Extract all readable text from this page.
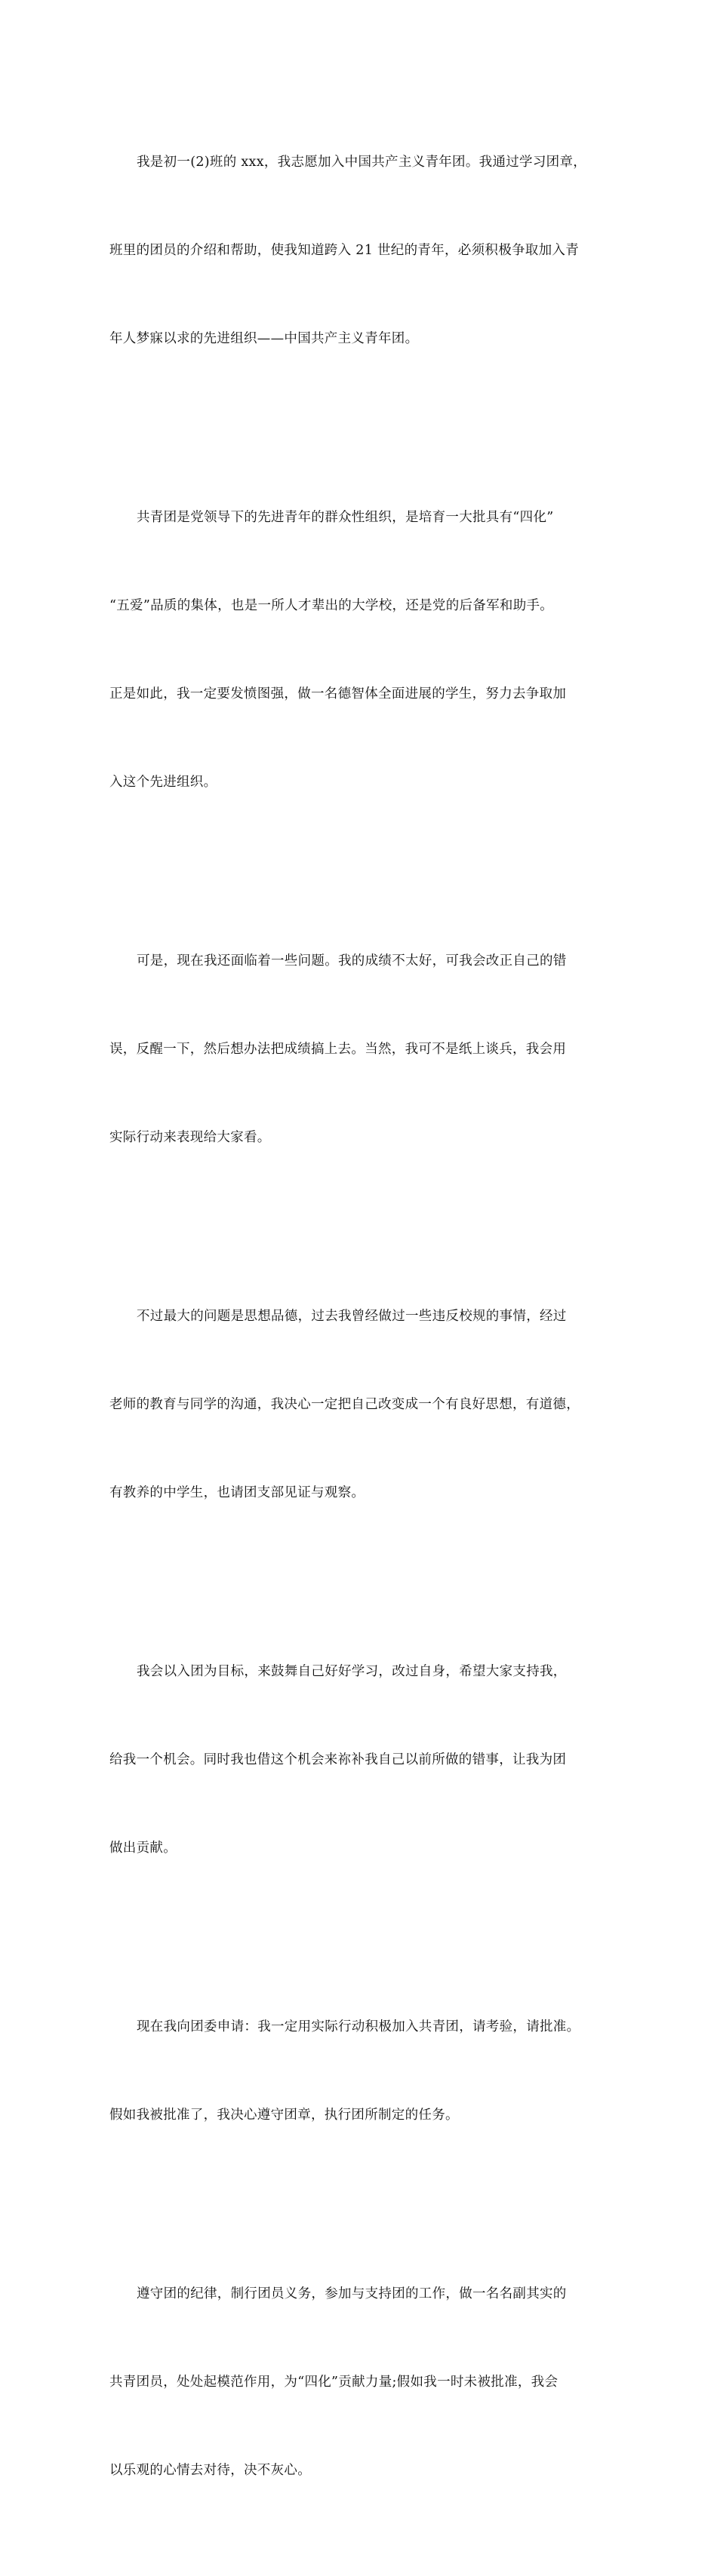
我是初一(2)班的 xxx，我志愿加入中国共产主义青年团。我通过学习团章，

班里的团员的介绍和帮助，使我知道跨入 21 世纪的青年，必须积极争取加入青

年人梦寐以求的先进组织——中国共产主义青年团。

共青团是党领导下的先进青年的群众性组织，是培育一大批具有“四化”

“五爱”品质的集体，也是一所人才辈出的大学校，还是党的后备军和助手。

正是如此，我一定要发愤图强，做一名德智体全面进展的学生，努力去争取加

入这个先进组织。

可是，现在我还面临着一些问题。我的成绩不太好，可我会改正自己的错

误，反醒一下，然后想办法把成绩搞上去。当然，我可不是纸上谈兵，我会用

实际行动来表现给大家看。

不过最大的问题是思想品德，过去我曾经做过一些违反校规的事情，经过

老师的教育与同学的沟通，我决心一定把自己改变成一个有良好思想，有道德，

有教养的中学生，也请团支部见证与观察。

我会以入团为目标，来鼓舞自己好好学习，改过自身，希望大家支持我，

给我一个机会。同时我也借这个机会来祢补我自己以前所做的错事，让我为团

做出贡献。

现在我向团委申请：我一定用实际行动积极加入共青团，请考验，请批准。

假如我被批准了，我决心遵守团章，执行团所制定的任务。

遵守团的纪律，制行团员义务，参加与支持团的工作，做一名名副其实的

共青团员，处处起模范作用，为“四化”贡献力量;假如我一时未被批准，我会

以乐观的心情去对待，决不灰心。
